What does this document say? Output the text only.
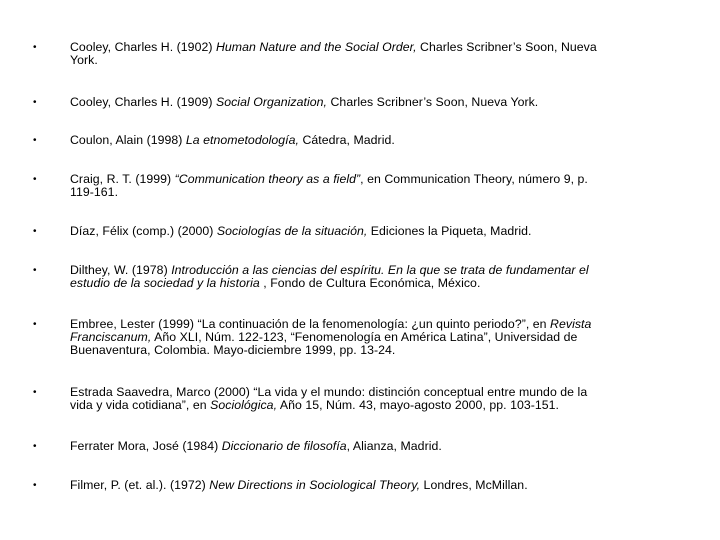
•	Cooley, Charles H. (1902) Human Nature and the Social Order, Charles Scribner’s Soon, Nueva
York.
•	Cooley, Charles H. (1909) Social Organization, Charles Scribner’s Soon, Nueva York.
•	Coulon, Alain (1998) La etnometodología, Cátedra, Madrid.
•	Craig, R. T. (1999) “Communication theory as a field”, en Communication Theory, número 9, p.
119-161.
•	Díaz, Félix (comp.) (2000) Sociologías de la situación, Ediciones la Piqueta, Madrid.
•	Dilthey, W. (1978) Introducción a las ciencias del espíritu. En la que se trata de fundamentar el
estudio de la sociedad y la historia , Fondo de Cultura Económica, México.
•	Embree, Lester (1999) “La continuación de la fenomenología: ¿un quinto periodo?”, en Revista
Franciscanum, Año XLI, Núm. 122-123, “Fenomenología en América Latina”, Universidad de
Buenaventura, Colombia. Mayo-diciembre 1999, pp. 13-24.
•	Estrada Saavedra, Marco (2000) “La vida y el mundo: distinción conceptual entre mundo de la
vida y vida cotidiana”, en Sociológica, Año 15, Núm. 43, mayo-agosto 2000, pp. 103-151.
•	Ferrater Mora, José (1984) Diccionario de filosofía, Alianza, Madrid.
•	Filmer, P. (et. al.). (1972) New Directions in Sociological Theory, Londres, McMillan.
